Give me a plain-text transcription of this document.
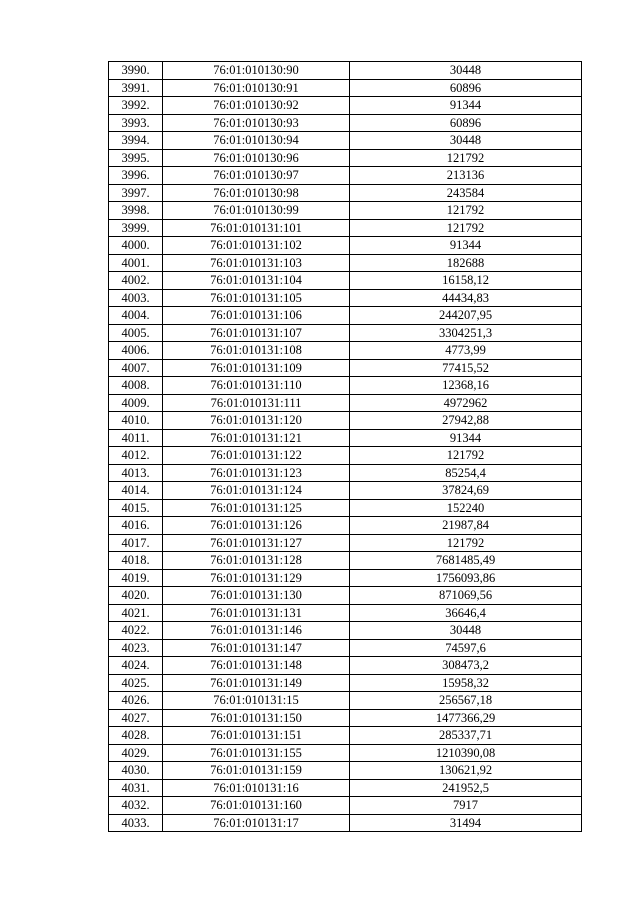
3990.	76:01:010130:90	30448
3991.	76:01:010130:91	60896
3992.	76:01:010130:92	91344
3993.	76:01:010130:93	60896
3994.	76:01:010130:94	30448
3995.	76:01:010130:96	121792
3996.	76:01:010130:97	213136
3997.	76:01:010130:98	243584
3998.	76:01:010130:99	121792
3999.	76:01:010131:101	121792
4000.	76:01:010131:102	91344
4001.	76:01:010131:103	182688
4002.	76:01:010131:104	16158,12
4003.	76:01:010131:105	44434,83
4004.	76:01:010131:106	244207,95
4005.	76:01:010131:107	3304251,3
4006.	76:01:010131:108	4773,99
4007.	76:01:010131:109	77415,52
4008.	76:01:010131:110	12368,16
4009.	76:01:010131:111	4972962
4010.	76:01:010131:120	27942,88
4011.	76:01:010131:121	91344
4012.	76:01:010131:122	121792
4013.	76:01:010131:123	85254,4
4014.	76:01:010131:124	37824,69
4015.	76:01:010131:125	152240
4016.	76:01:010131:126	21987,84
4017.	76:01:010131:127	121792
4018.	76:01:010131:128	7681485,49
4019.	76:01:010131:129	1756093,86
4020.	76:01:010131:130	871069,56
4021.	76:01:010131:131	36646,4
4022.	76:01:010131:146	30448
4023.	76:01:010131:147	74597,6
4024.	76:01:010131:148	308473,2
4025.	76:01:010131:149	15958,32
4026.	76:01:010131:15	256567,18
4027.	76:01:010131:150	1477366,29
4028.	76:01:010131:151	285337,71
4029.	76:01:010131:155	1210390,08
4030.	76:01:010131:159	130621,92
4031.	76:01:010131:16	241952,5
4032.	76:01:010131:160	7917
4033.	76:01:010131:17	31494
